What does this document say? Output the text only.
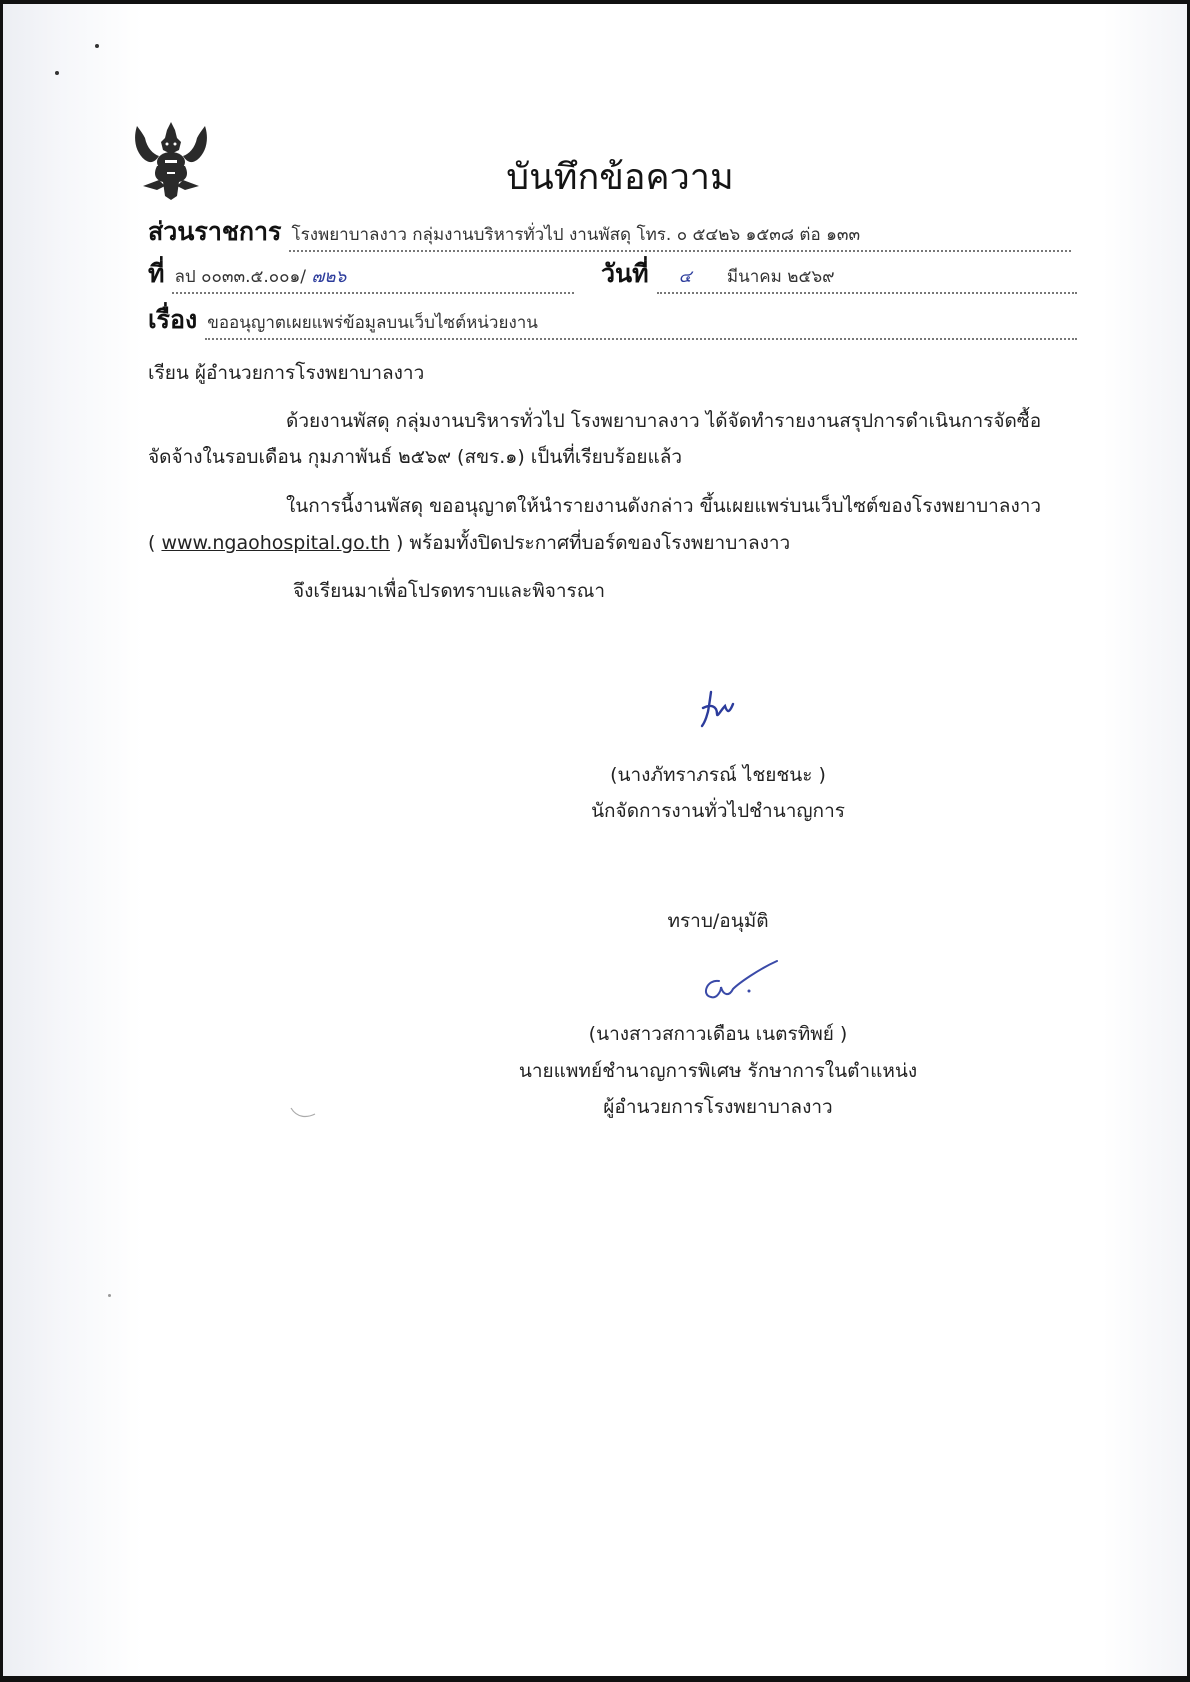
บันทึกข้อความ
ส่วนราชการ โรงพยาบาลงาว กลุ่มงานบริหารทั่วไป งานพัสดุ โทร. ๐ ๕๔๒๖ ๑๕๓๘ ต่อ ๑๓๓
ที่ ลป ๐๐๓๓.๕.๐๐๑/ ๗๒๖	วันที่	๔ มีนาคม ๒๕๖๙
เรื่อง ขออนุญาตเผยแพร่ข้อมูลบนเว็บไซต์หน่วยงาน
เรียน ผู้อำนวยการโรงพยาบาลงาว
ด้วยงานพัสดุ กลุ่มงานบริหารทั่วไป โรงพยาบาลงาว ได้จัดทำรายงานสรุปการดำเนินการจัดซื้อ
จัดจ้างในรอบเดือน กุมภาพันธ์ ๒๕๖๙ (สขร.๑) เป็นที่เรียบร้อยแล้ว
ในการนี้งานพัสดุ ขออนุญาตให้นำรายงานดังกล่าว ขึ้นเผยแพร่บนเว็บไซต์ของโรงพยาบาลงาว
( www.ngaohospital.go.th ) พร้อมทั้งปิดประกาศที่บอร์ดของโรงพยาบาลงาว
จึงเรียนมาเพื่อโปรดทราบและพิจารณา
(นางภัทราภรณ์ ไชยชนะ )
นักจัดการงานทั่วไปชำนาญการ
ทราบ/อนุมัติ
(นางสาวสกาวเดือน เนตรทิพย์ )
นายแพทย์ชำนาญการพิเศษ รักษาการในตำแหน่ง
ผู้อำนวยการโรงพยาบาลงาว
